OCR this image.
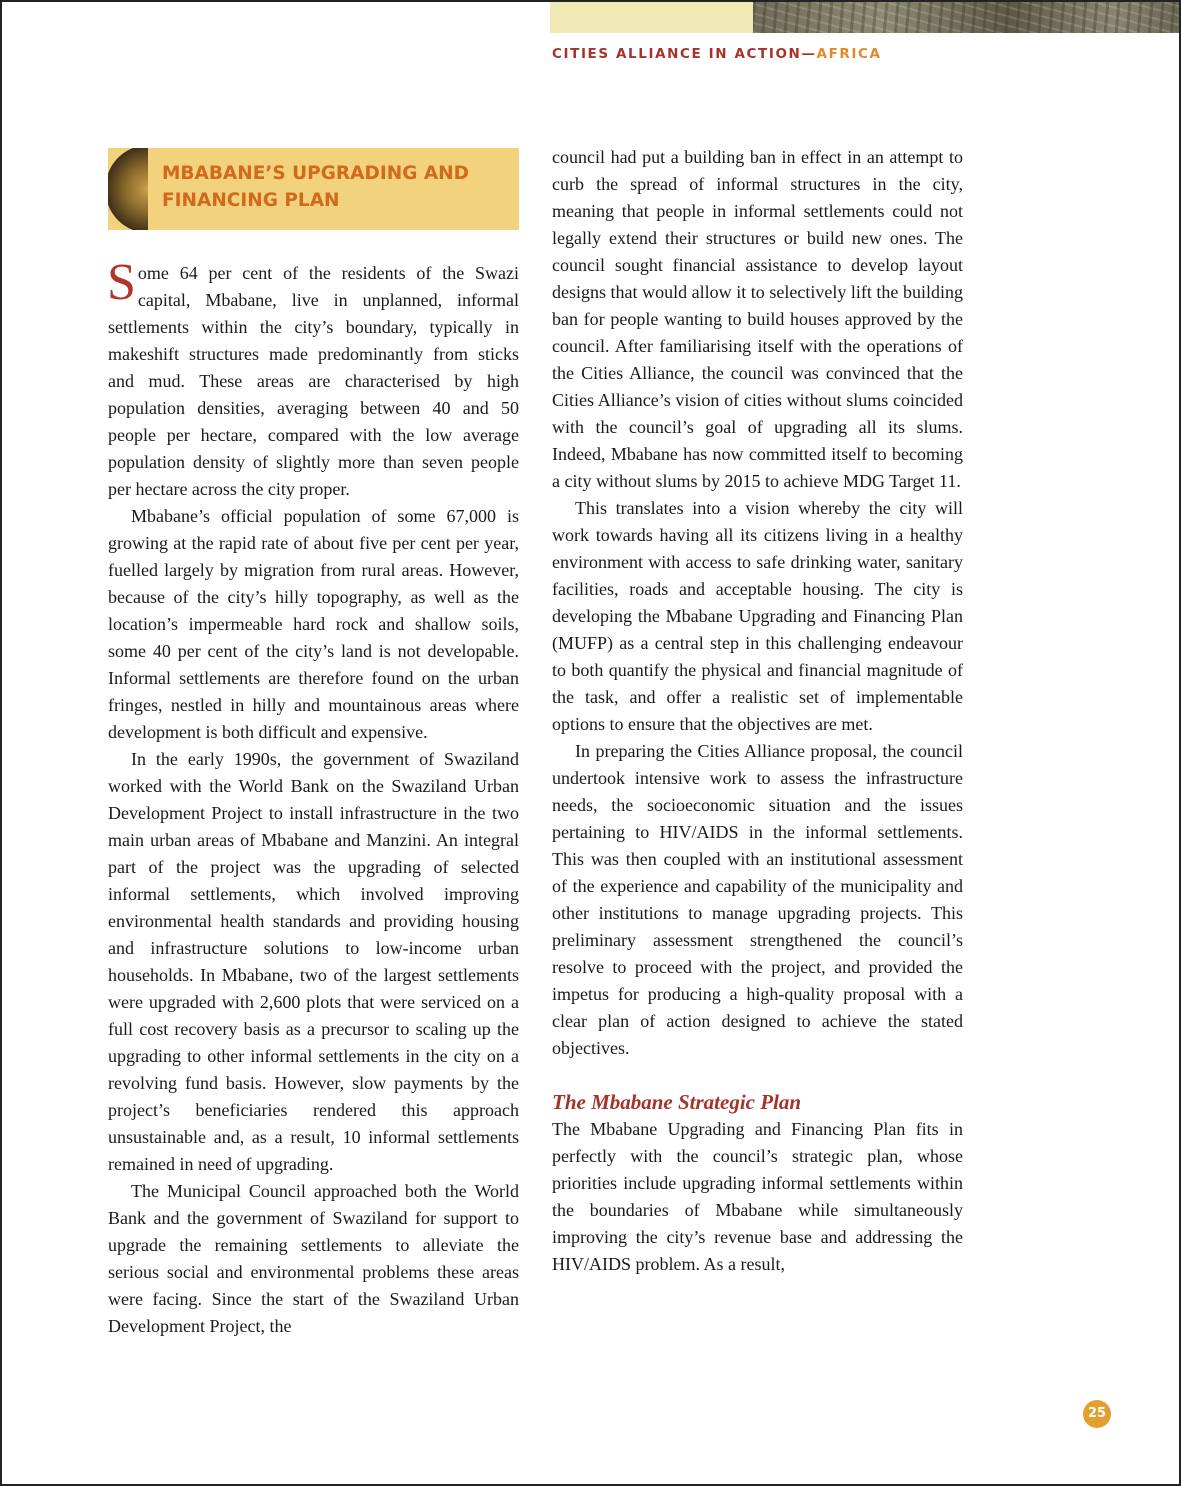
CITIES ALLIANCE IN ACTION—AFRICA
MBABANE’S UPGRADING AND
FINANCING PLAN

Some 64 per cent of the residents of the Swazi capital, Mbabane, live in unplanned, informal settlements within the city’s boundary, typically in makeshift structures made predominantly from sticks and mud. These areas are characterised by high population densities, averaging between 40 and 50 people per hectare, compared with the low average population density of slightly more than seven people per hectare across the city proper.

Mbabane’s official population of some 67,000 is growing at the rapid rate of about five per cent per year, fuelled largely by migration from rural areas. However, because of the city’s hilly topography, as well as the location’s impermeable hard rock and shallow soils, some 40 per cent of the city’s land is not developable. Informal settlements are therefore found on the urban fringes, nestled in hilly and mountainous areas where development is both difficult and expensive.

In the early 1990s, the government of Swaziland worked with the World Bank on the Swaziland Urban Development Project to install infrastructure in the two main urban areas of Mbabane and Manzini. An integral part of the project was the upgrading of selected informal settlements, which involved improving environmental health standards and providing housing and infrastructure solutions to low-income urban households. In Mbabane, two of the largest settlements were upgraded with 2,600 plots that were serviced on a full cost recovery basis as a precursor to scaling up the upgrading to other informal settlements in the city on a revolving fund basis. However, slow payments by the project’s beneficiaries rendered this approach unsustainable and, as a result, 10 informal settlements remained in need of upgrading.

The Municipal Council approached both the World Bank and the government of Swaziland for support to upgrade the remaining settlements to alleviate the serious social and environmental problems these areas were facing. Since the start of the Swaziland Urban Development Project, the

council had put a building ban in effect in an attempt to curb the spread of informal structures in the city, meaning that people in informal settlements could not legally extend their structures or build new ones. The council sought financial assistance to develop layout designs that would allow it to selectively lift the building ban for people wanting to build houses approved by the council. After familiarising itself with the operations of the Cities Alliance, the council was convinced that the Cities Alliance’s vision of cities without slums coincided with the council’s goal of upgrading all its slums. Indeed, Mbabane has now committed itself to becoming a city without slums by 2015 to achieve MDG Target 11.

This translates into a vision whereby the city will work towards having all its citizens living in a healthy environment with access to safe drinking water, sanitary facilities, roads and acceptable housing. The city is developing the Mbabane Upgrading and Financing Plan (MUFP) as a central step in this challenging endeavour to both quantify the physical and financial magnitude of the task, and offer a realistic set of implementable options to ensure that the objectives are met.

In preparing the Cities Alliance proposal, the council undertook intensive work to assess the infrastructure needs, the socioeconomic situation and the issues pertaining to HIV/AIDS in the informal settlements. This was then coupled with an institutional assessment of the experience and capability of the municipality and other institutions to manage upgrading projects. This preliminary assessment strengthened the council’s resolve to proceed with the project, and provided the impetus for producing a high-quality proposal with a clear plan of action designed to achieve the stated objectives.

The Mbabane Strategic Plan

The Mbabane Upgrading and Financing Plan fits in perfectly with the council’s strategic plan, whose priorities include upgrading informal settlements within the boundaries of Mbabane while simultaneously improving the city’s revenue base and addressing the HIV/AIDS problem. As a result,

25
